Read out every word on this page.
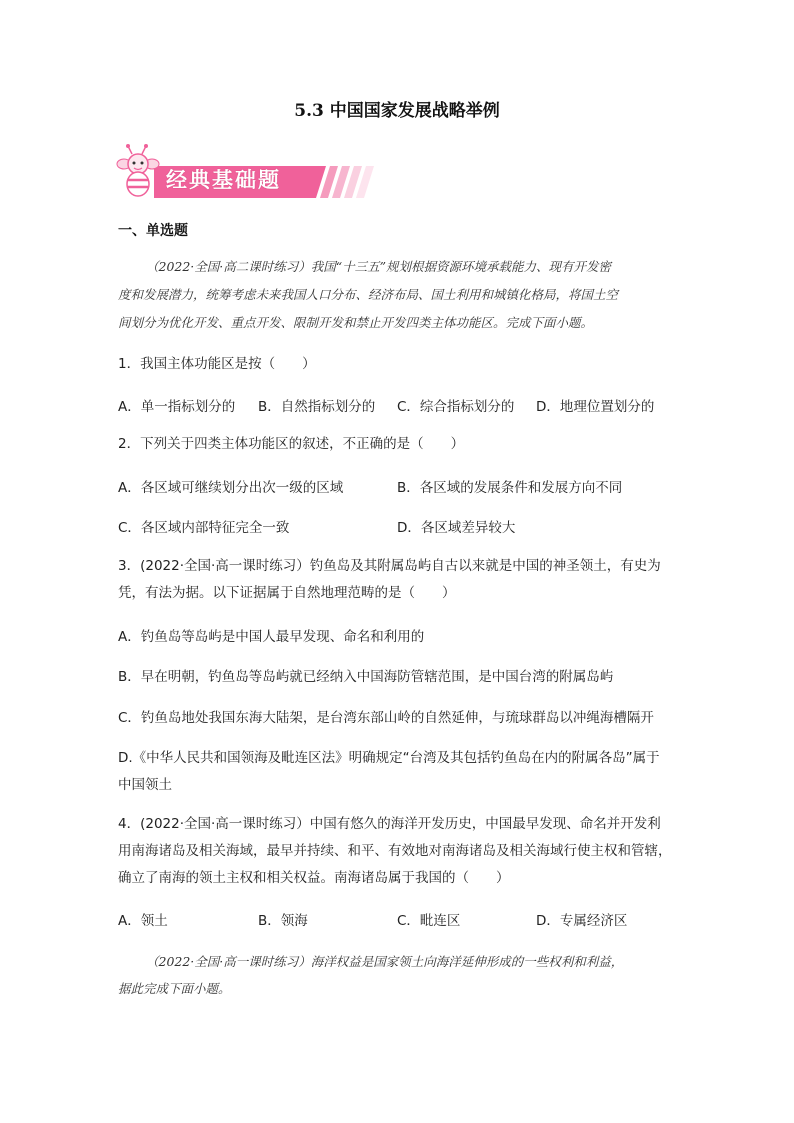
5.3 中国国家发展战略举例
经典基础题
一、单选题
（2022·全国·高二课时练习）我国“十三五”规划根据资源环境承载能力、现有开发密
度和发展潜力，统筹考虑未来我国人口分布、经济布局、国土利用和城镇化格局，将国土空
间划分为优化开发、重点开发、限制开发和禁止开发四类主体功能区。完成下面小题。
1．我国主体功能区是按（　　）
A．单一指标划分的 B．自然指标划分的 C．综合指标划分的 D．地理位置划分的
2．下列关于四类主体功能区的叙述，不正确的是（　　）
A．各区域可继续划分出次一级的区域	B．各区域的发展条件和发展方向不同
C．各区域内部特征完全一致	D．各区域差异较大
3．(2022·全国·高一课时练习）钓鱼岛及其附属岛屿自古以来就是中国的神圣领土，有史为
凭，有法为据。以下证据属于自然地理范畴的是（　　）
A．钓鱼岛等岛屿是中国人最早发现、命名和利用的
B．早在明朝，钓鱼岛等岛屿就已经纳入中国海防管辖范围，是中国台湾的附属岛屿
C．钓鱼岛地处我国东海大陆架，是台湾东部山岭的自然延伸，与琉球群岛以冲绳海槽隔开
D.《中华人民共和国领海及毗连区法》明确规定“台湾及其包括钓鱼岛在内的附属各岛”属于
中国领土
4．(2022·全国·高一课时练习）中国有悠久的海洋开发历史，中国最早发现、命名并开发利
用南海诸岛及相关海域，最早并持续、和平、有效地对南海诸岛及相关海域行使主权和管辖，
确立了南海的领土主权和相关权益。南海诸岛属于我国的（　　）
A．领土	B．领海	C．毗连区	D．专属经济区
（2022·全国·高一课时练习）海洋权益是国家领土向海洋延伸形成的一些权利和利益，
据此完成下面小题。
